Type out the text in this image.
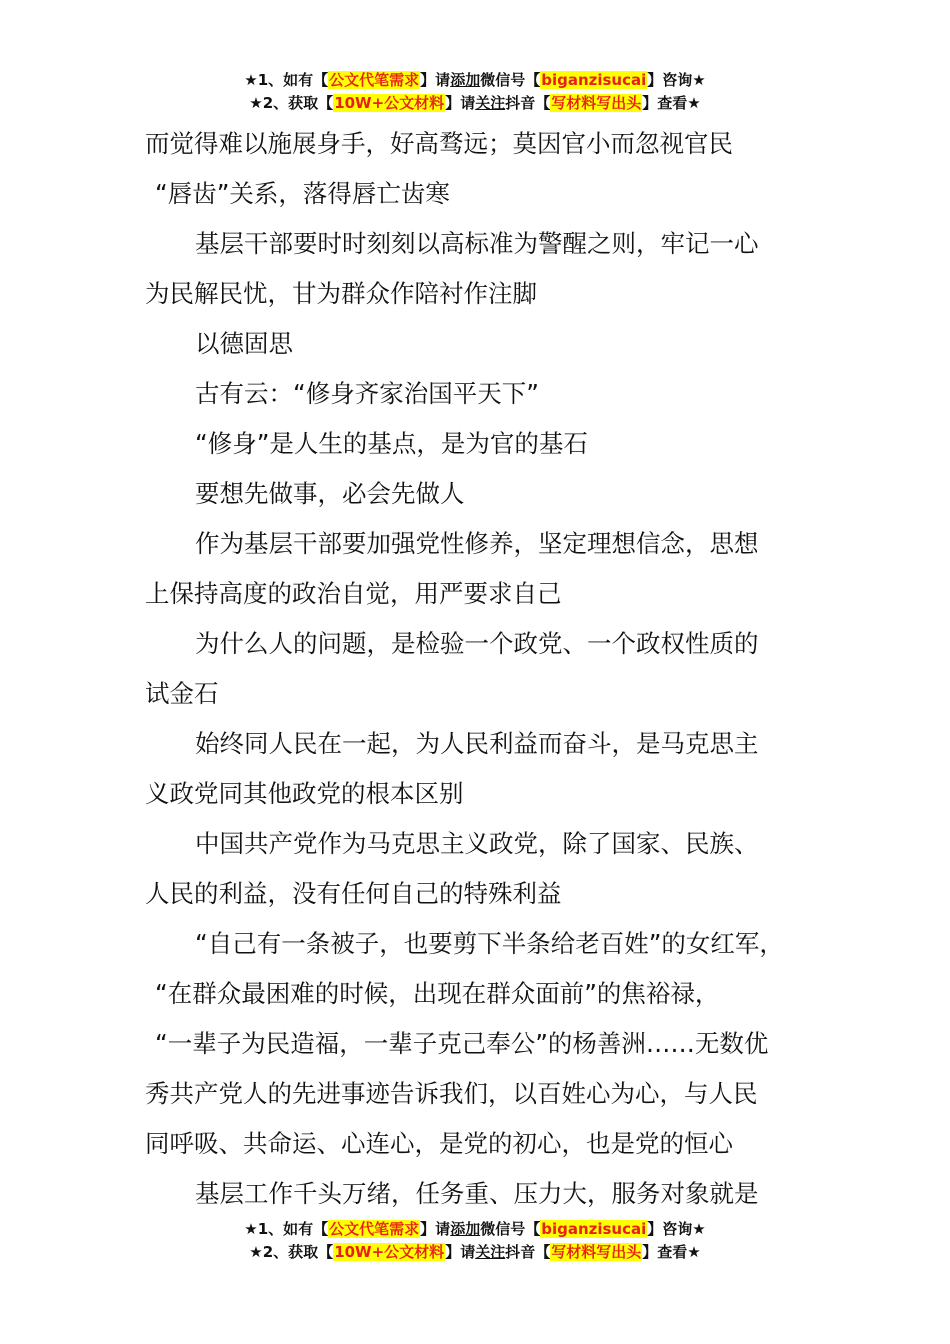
★1、如有【公文代笔需求】请添加微信号【biganzisucai】咨询★
★2、获取【10W+公文材料】请关注抖音【写材料写出头】查看★
而觉得难以施展身手，好高骛远；莫因官小而忽视官民
“唇齿”关系，落得唇亡齿寒
基层干部要时时刻刻以高标准为警醒之则，牢记一心
为民解民忧，甘为群众作陪衬作注脚
以德固思
古有云：“修身齐家治国平天下”
“修身”是人生的基点，是为官的基石
要想先做事，必会先做人
作为基层干部要加强党性修养，坚定理想信念，思想
上保持高度的政治自觉，用严要求自己
为什么人的问题，是检验一个政党、一个政权性质的
试金石
始终同人民在一起，为人民利益而奋斗，是马克思主
义政党同其他政党的根本区别
中国共产党作为马克思主义政党，除了国家、民族、
人民的利益，没有任何自己的特殊利益
“自己有一条被子，也要剪下半条给老百姓”的女红军，
“在群众最困难的时候，出现在群众面前”的焦裕禄，
“一辈子为民造福，一辈子克己奉公”的杨善洲……无数优
秀共产党人的先进事迹告诉我们，以百姓心为心，与人民
同呼吸、共命运、心连心，是党的初心，也是党的恒心
基层工作千头万绪，任务重、压力大，服务对象就是
★1、如有【公文代笔需求】请添加微信号【biganzisucai】咨询★
★2、获取【10W+公文材料】请关注抖音【写材料写出头】查看★
